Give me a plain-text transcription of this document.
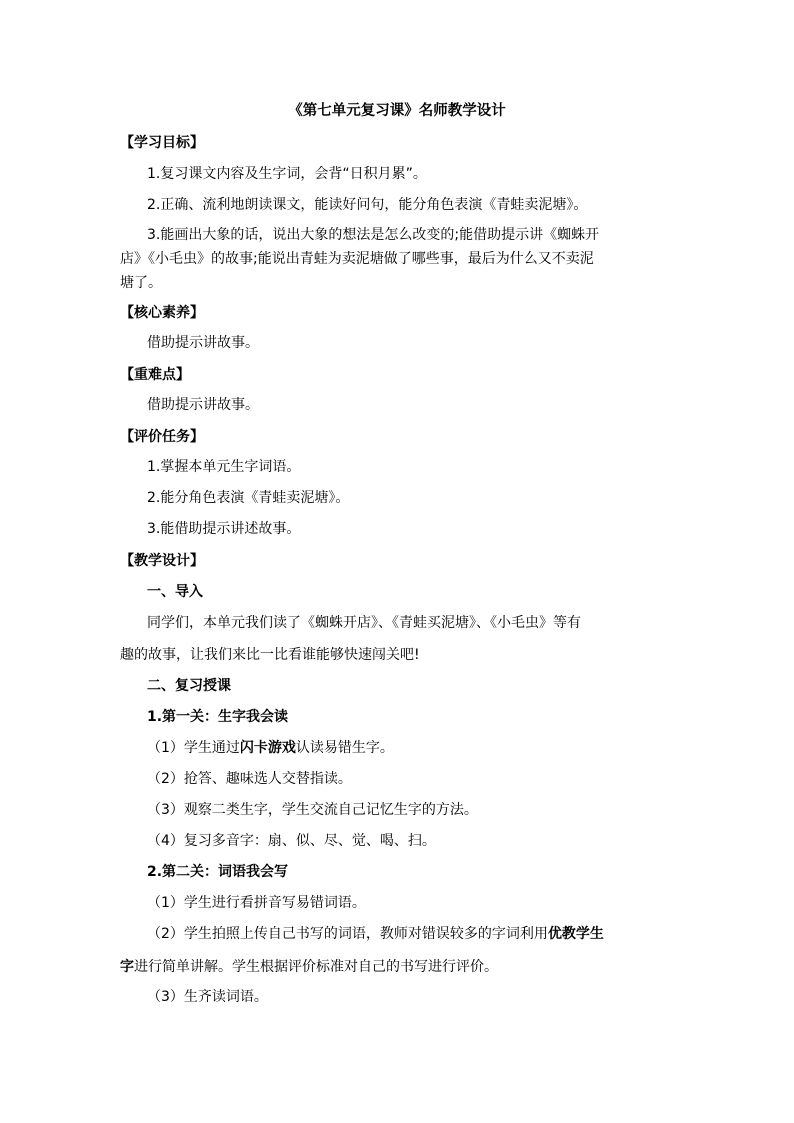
《第七单元复习课》名师教学设计
【学习目标】
1.复习课文内容及生字词，会背“日积月累”。
2.正确、流利地朗读课文，能读好问句，能分角色表演《青蛙卖泥塘》。
3.能画出大象的话，说出大象的想法是怎么改变的;能借助提示讲《蜘蛛开
店》《小毛虫》的故事;能说出青蛙为卖泥塘做了哪些事，最后为什么又不卖泥
塘了。
【核心素养】
借助提示讲故事。
【重难点】
借助提示讲故事。
【评价任务】
1.掌握本单元生字词语。
2.能分角色表演《青蛙卖泥塘》。
3.能借助提示讲述故事。
【教学设计】
一、导入
同学们，本单元我们读了《蜘蛛开店》、《青蛙买泥塘》、《小毛虫》等有
趣的故事，让我们来比一比看谁能够快速闯关吧!
二、复习授课
1.第一关：生字我会读
（1）学生通过闪卡游戏认读易错生字。
（2）抢答、趣味选人交替指读。
（3）观察二类生字，学生交流自己记忆生字的方法。
（4）复习多音字：扇、似、尽、觉、喝、扫。
2.第二关：词语我会写
（1）学生进行看拼音写易错词语。
（2）学生拍照上传自己书写的词语，教师对错误较多的字词利用优教学生
字进行简单讲解。学生根据评价标准对自己的书写进行评价。
（3）生齐读词语。
